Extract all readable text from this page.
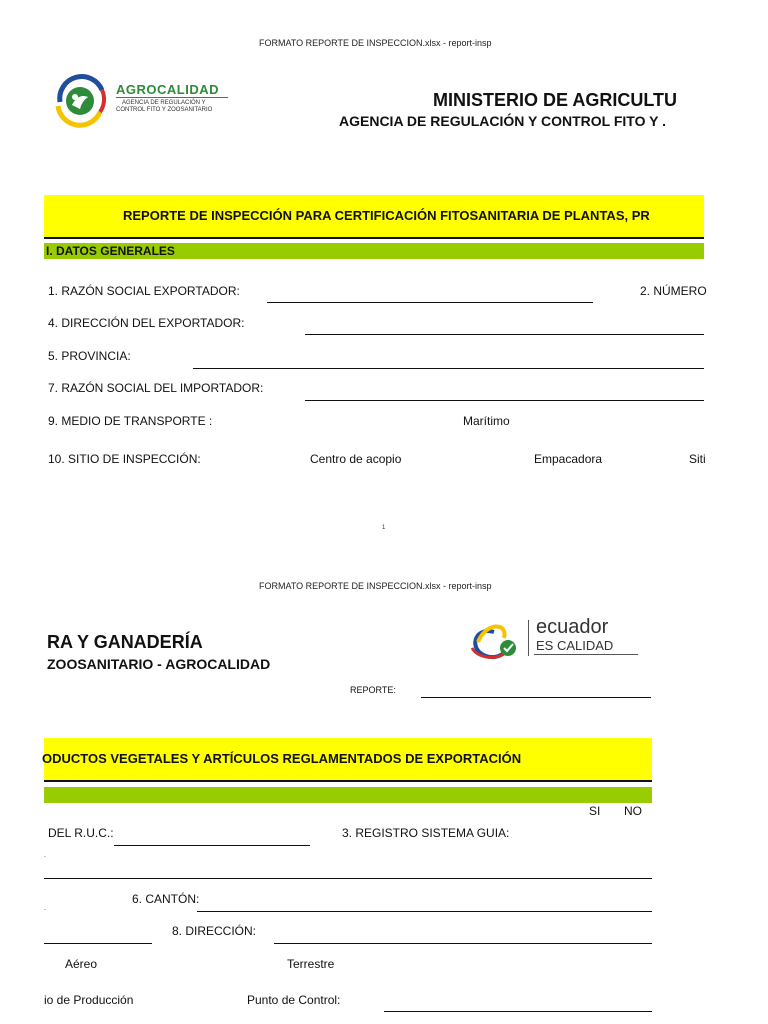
FORMATO REPORTE DE INSPECCION.xlsx - report-insp
AGROCALIDAD
AGENCIA DE REGULACIÓN Y
CONTROL FITO Y ZOOSANITARIO	MINISTERIO DE AGRICULTU
AGENCIA DE REGULACIÓN Y CONTROL FITO Y .
REPORTE DE INSPECCIÓN PARA CERTIFICACIÓN FITOSANITARIA DE PLANTAS, PR
I. DATOS GENERALES
1. RAZÓN SOCIAL EXPORTADOR:	2. NÚMERO
4. DIRECCIÓN DEL EXPORTADOR:
5. PROVINCIA:
7. RAZÓN SOCIAL DEL IMPORTADOR:
9. MEDIO DE TRANSPORTE :	Marítimo
10. SITIO DE INSPECCIÓN:	Centro de acopio	Empacadora	Siti
1
FORMATO REPORTE DE INSPECCION.xlsx - report-insp
RA Y GANADERÍA
ZOOSANITARIO - AGROCALIDAD
ecuador
ES CALIDAD
REPORTE:
ODUCTOS VEGETALES Y ARTÍCULOS REGLAMENTADOS DE EXPORTACIÓN
SI NO
DEL R.U.C.:	3. REGISTRO SISTEMA GUIA:
.
.
6. CANTÓN:
8. DIRECCIÓN:
Aéreo	Terrestre
io de Producción	Punto de Control:
